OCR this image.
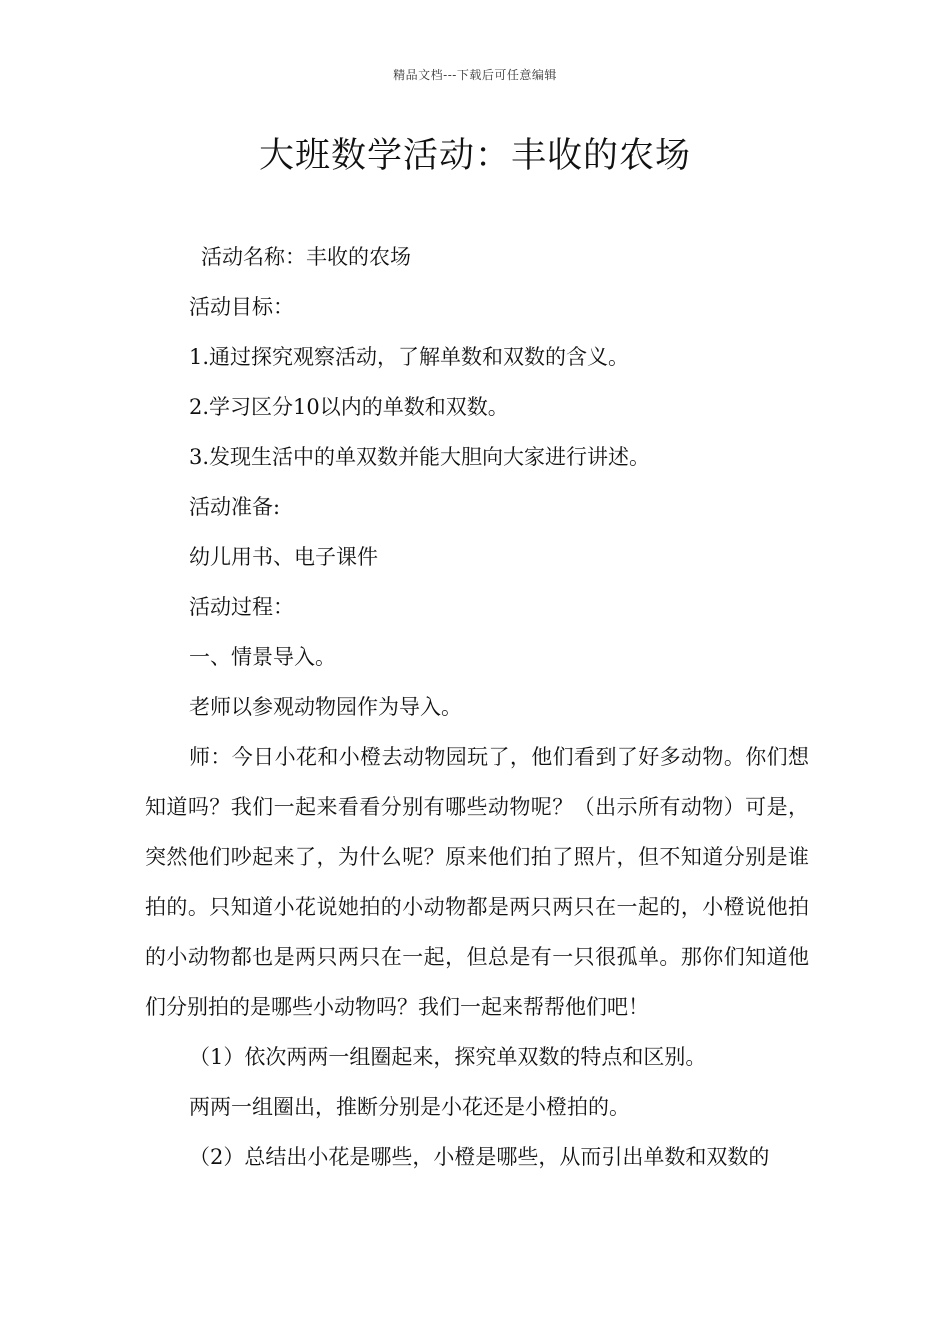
精品文档---下载后可任意编辑
大班数学活动：丰收的农场

活动名称：丰收的农场

活动目标：

1.通过探究观察活动，了解单数和双数的含义。

2.学习区分10以内的单数和双数。

3.发现生活中的单双数并能大胆向大家进行讲述。

活动准备:

幼儿用书、电子课件

活动过程：

一、情景导入。

老师以参观动物园作为导入。

师：今日小花和小橙去动物园玩了，他们看到了好多动物。你们想知道吗？我们一起来看看分别有哪些动物呢？（出示所有动物）可是，突然他们吵起来了，为什么呢？原来他们拍了照片，但不知道分别是谁拍的。只知道小花说她拍的小动物都是两只两只在一起的，小橙说他拍的小动物都也是两只两只在一起，但总是有一只很孤单。那你们知道他们分别拍的是哪些小动物吗？我们一起来帮帮他们吧！

（1）依次两两一组圈起来，探究单双数的特点和区别。

两两一组圈出，推断分别是小花还是小橙拍的。

（2）总结出小花是哪些，小橙是哪些，从而引出单数和双数的
